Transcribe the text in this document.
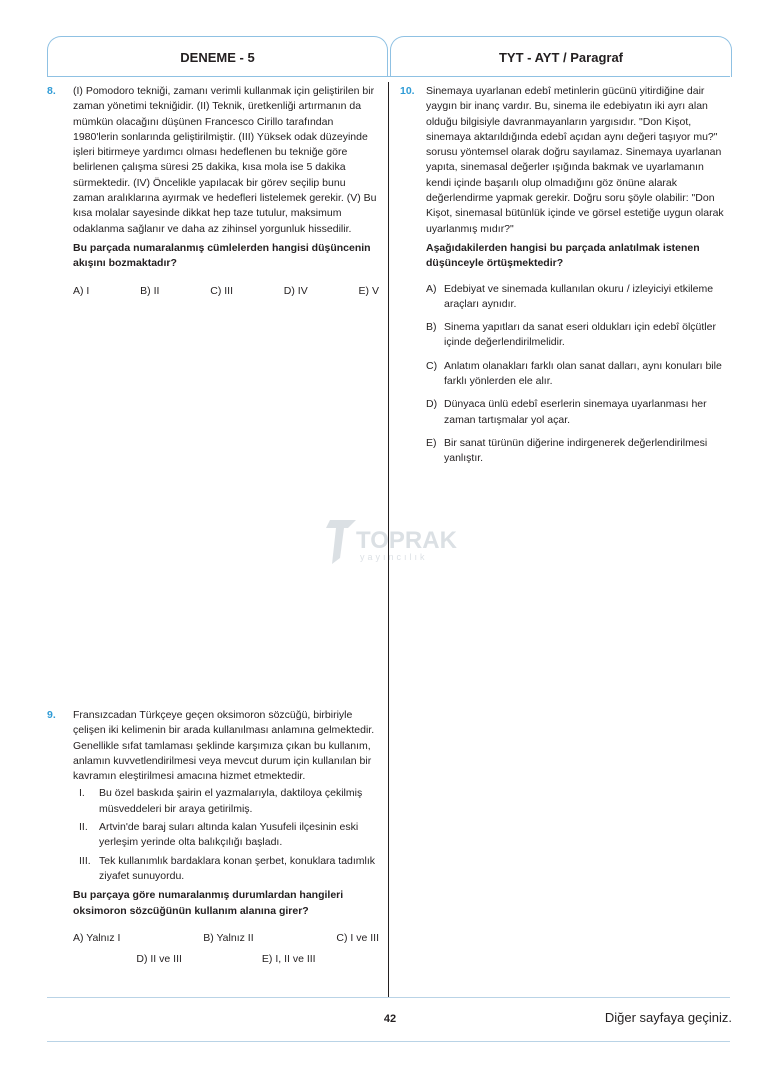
DENEME - 5	TYT - AYT / Paragraf
8. (I) Pomodoro tekniği, zamanı verimli kullanmak için geliştirilen bir zaman yönetimi tekniğidir. (II) Teknik, üretkenliği artırmanın da mümkün olacağını düşünen Francesco Cirillo tarafından 1980'lerin sonlarında geliştirilmiştir. (III) Yüksek odak düzeyinde işleri bitirmeye yardımcı olması hedeflenen bu tekniğe göre belirlenen çalışma süresi 25 dakika, kısa mola ise 5 dakika sürmektedir. (IV) Öncelikle yapılacak bir görev seçilip bunu zaman aralıklarına ayırmak ve hedefleri listelemek gerekir. (V) Bu kısa molalar sayesinde dikkat hep taze tutulur, maksimum odaklanma sağlanır ve daha az zihinsel yorgunluk hissedilir.

Bu parçada numaralanmış cümlelerden hangisi düşüncenin akışını bozmaktadır?

A) I	B) II	C) III	D) IV	E) V
TOPRAK
yayıncılık
9. Fransızcadan Türkçeye geçen oksimoron sözcüğü, birbiriyle çelişen iki kelimenin bir arada kullanılması anlamına gelmektedir. Genellikle sıfat tamlaması şeklinde karşımıza çıkan bu kullanım, anlamın kuvvetlendirilmesi veya mevcut durum için kullanılan bir kavramın eleştirilmesi amacına hizmet etmektedir.

I.	Bu özel baskıda şairin el yazmalarıyla, daktiloya çekilmiş müsveddeleri bir araya getirilmiş.
II.	Artvin'de baraj suları altında kalan Yusufeli ilçesinin eski yerleşim yerinde olta balıkçılığı başladı.
III. Tek kullanımlık bardaklara konan şerbet, konuklara tadımlık ziyafet sunuyordu.

Bu parçaya göre numaralanmış durumlardan hangileri oksimoron sözcüğünün kullanım alanına girer?

A) Yalnız I	B) Yalnız II	C) I ve III
D) II ve III	E) I, II ve III
10. Sinemaya uyarlanan edebî metinlerin gücünü yitirdiğine dair yaygın bir inanç vardır. Bu, sinema ile edebiyatın iki ayrı alan olduğu bilgisiyle davranmayanların yargısıdır. "Don Kişot, sinemaya aktarıldığında edebî açıdan aynı değeri taşıyor mu?" sorusu yöntemsel olarak doğru sayılamaz. Sinemaya uyarlanan yapıta, sinemasal değerler ışığında bakmak ve uyarlamanın kendi içinde başarılı olup olmadığını göz önüne alarak değerlendirme yapmak gerekir. Doğru soru şöyle olabilir: "Don Kişot, sinemasal bütünlük içinde ve görsel estetiğe uygun olarak uyarlanmış mıdır?"

Aşağıdakilerden hangisi bu parçada anlatılmak istenen düşünceyle örtüşmektedir?

A) Edebiyat ve sinemada kullanılan okuru / izleyiciyi etkileme araçları aynıdır.
B) Sinema yapıtları da sanat eseri oldukları için edebî ölçütler içinde değerlendirilmelidir.
C) Anlatım olanakları farklı olan sanat dalları, aynı konuları bile farklı yönlerden ele alır.
D) Dünyaca ünlü edebî eserlerin sinemaya uyarlanması her zaman tartışmalar yol açar.
E) Bir sanat türünün diğerine indirgenerek değerlendirilmesi yanlıştır.
42	Diğer sayfaya geçiniz.
